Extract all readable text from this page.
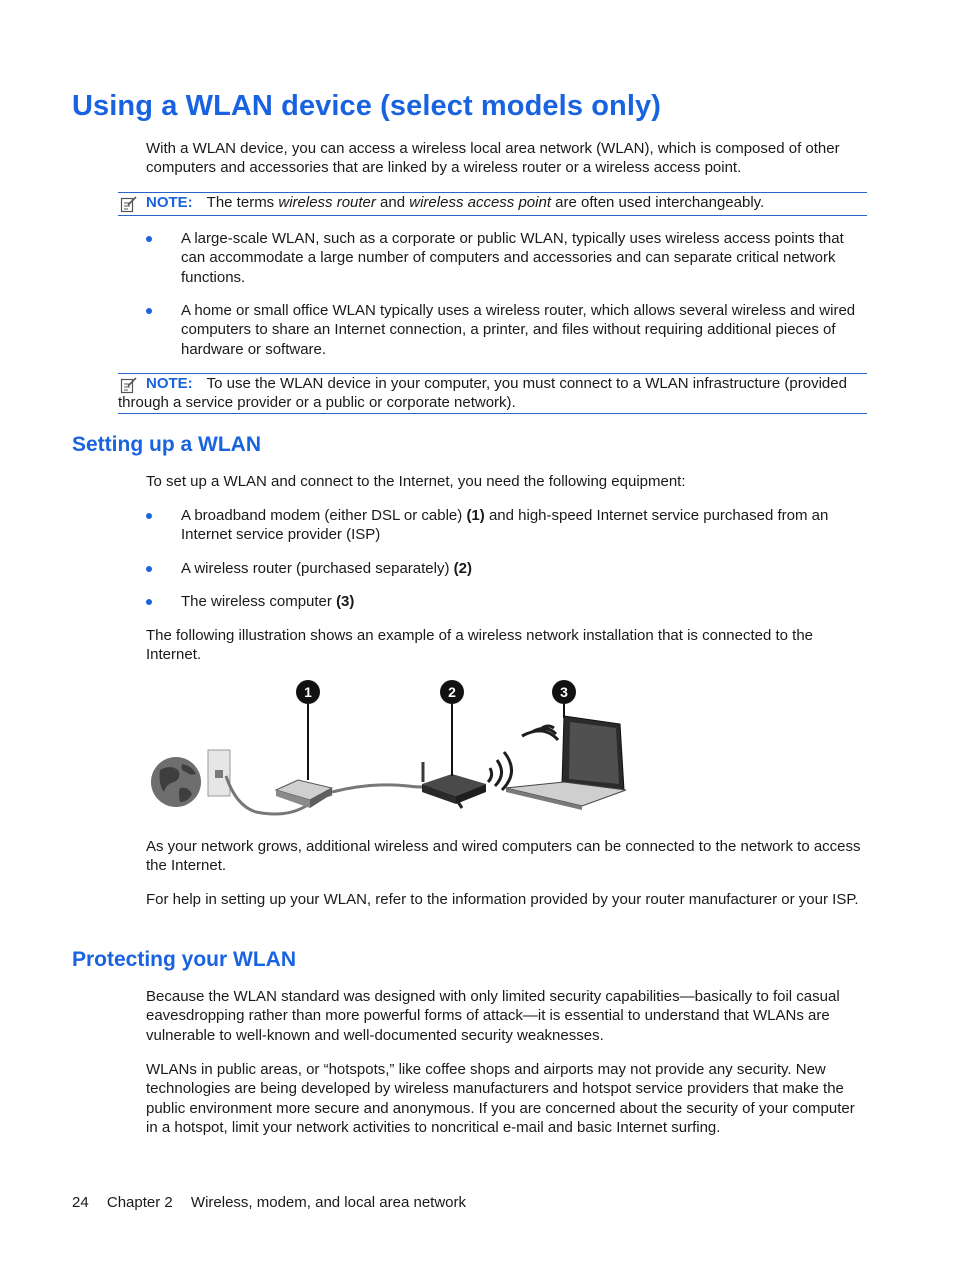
Using a WLAN device (select models only)

With a WLAN device, you can access a wireless local area network (WLAN), which is composed of other computers and accessories that are linked by a wireless router or a wireless access point.

NOTE: The terms wireless router and wireless access point are often used interchangeably.

A large-scale WLAN, such as a corporate or public WLAN, typically uses wireless access points that can accommodate a large number of computers and accessories and can separate critical network functions.

A home or small office WLAN typically uses a wireless router, which allows several wireless and wired computers to share an Internet connection, a printer, and files without requiring additional pieces of hardware or software.

NOTE: To use the WLAN device in your computer, you must connect to a WLAN infrastructure (provided through a service provider or a public or corporate network).

Setting up a WLAN

To set up a WLAN and connect to the Internet, you need the following equipment:

A broadband modem (either DSL or cable) (1) and high-speed Internet service purchased from an Internet service provider (ISP)

A wireless router (purchased separately) (2)

The wireless computer (3)

The following illustration shows an example of a wireless network installation that is connected to the Internet.

1	2	3

As your network grows, additional wireless and wired computers can be connected to the network to access the Internet.

For help in setting up your WLAN, refer to the information provided by your router manufacturer or your ISP.

Protecting your WLAN

Because the WLAN standard was designed with only limited security capabilities—basically to foil casual eavesdropping rather than more powerful forms of attack—it is essential to understand that WLANs are vulnerable to well-known and well-documented security weaknesses.

WLANs in public areas, or “hotspots,” like coffee shops and airports may not provide any security. New technologies are being developed by wireless manufacturers and hotspot service providers that make the public environment more secure and anonymous. If you are concerned about the security of your computer in a hotspot, limit your network activities to noncritical e-mail and basic Internet surfing.

24 Chapter 2 Wireless, modem, and local area network
